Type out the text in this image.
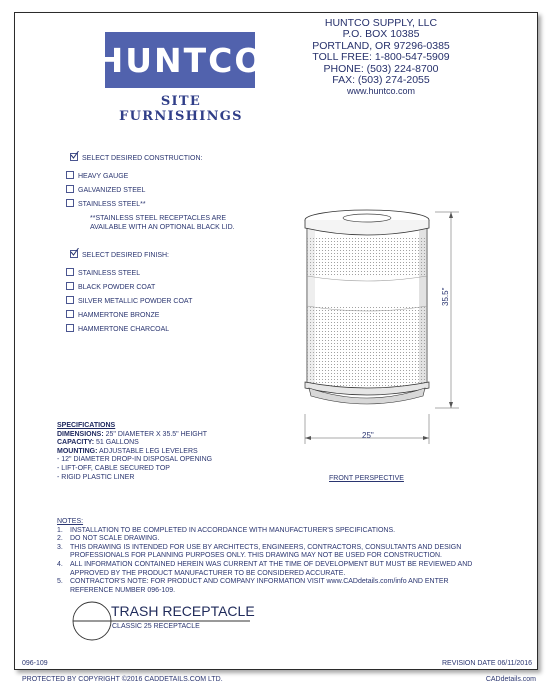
HUNTCO
SITE FURNISHINGS
HUNTCO SUPPLY, LLC
P.O. BOX 10385
PORTLAND, OR 97296-0385
TOLL FREE: 1-800-547-5909
PHONE: (503) 224-8700
FAX: (503) 274-2055
www.huntco.com
SELECT DESIRED CONSTRUCTION:
HEAVY GAUGE
GALVANIZED STEEL
STAINLESS STEEL**
**STAINLESS STEEL RECEPTACLES ARE
AVAILABLE WITH AN OPTIONAL BLACK LID.
SELECT DESIRED FINISH:
STAINLESS STEEL
BLACK POWDER COAT
SILVER METALLIC POWDER COAT
HAMMERTONE BRONZE
HAMMERTONE CHARCOAL
35.5"
25"
FRONT PERSPECTIVE
SPECIFICATIONS
DIMENSIONS: 25" DIAMETER X 35.5" HEIGHT
CAPACITY: 51 GALLONS
MOUNTING: ADJUSTABLE LEG LEVELERS
- 12" DIAMETER DROP-IN DISPOSAL OPENING
- LIFT-OFF, CABLE SECURED TOP
- RIGID PLASTIC LINER
NOTES:
1. INSTALLATION TO BE COMPLETED IN ACCORDANCE WITH MANUFACTURER'S SPECIFICATIONS.
2. DO NOT SCALE DRAWING.
3. THIS DRAWING IS INTENDED FOR USE BY ARCHITECTS, ENGINEERS, CONTRACTORS, CONSULTANTS AND DESIGN
PROFESSIONALS FOR PLANNING PURPOSES ONLY. THIS DRAWING MAY NOT BE USED FOR CONSTRUCTION.
4. ALL INFORMATION CONTAINED HEREIN WAS CURRENT AT THE TIME OF DEVELOPMENT BUT MUST BE REVIEWED AND
APPROVED BY THE PRODUCT MANUFACTURER TO BE CONSIDERED ACCURATE.
5. CONTRACTOR'S NOTE: FOR PRODUCT AND COMPANY INFORMATION VISIT www.CADdetails.com/info AND ENTER
REFERENCE NUMBER 096-109.
TRASH RECEPTACLE
CLASSIC 25 RECEPTACLE
096-109	REVISION DATE 06/11/2016
PROTECTED BY COPYRIGHT ©2016 CADDETAILS.COM LTD.	CADdetails.com
